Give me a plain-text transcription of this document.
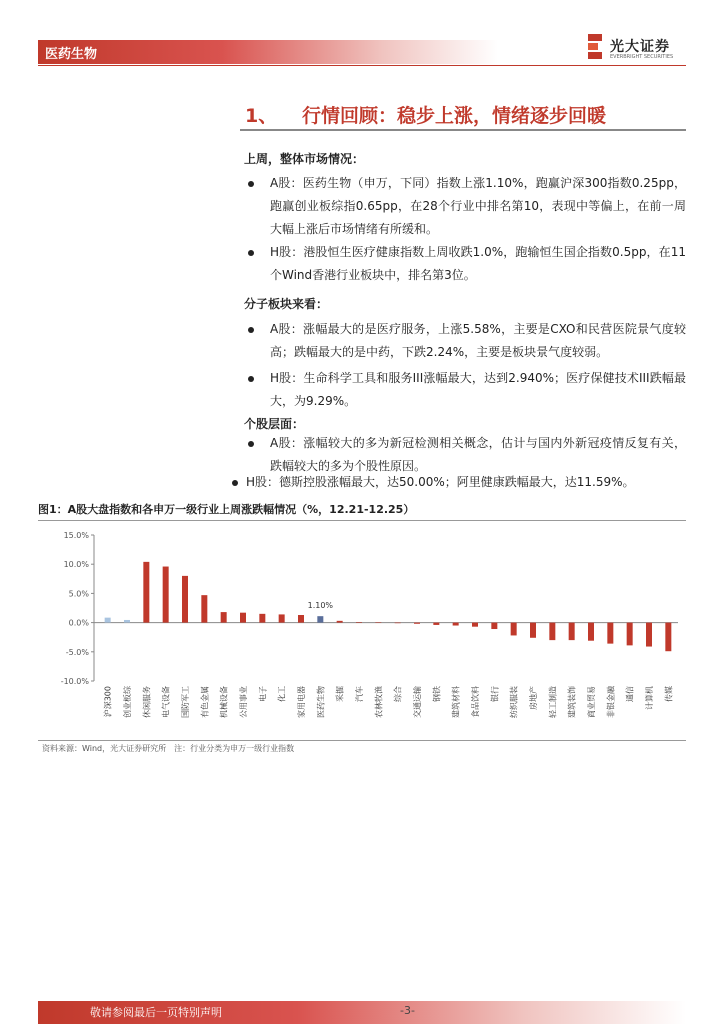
医药生物	光大证券
EVERBRIGHT SECURITIES
1、 行情回顾：稳步上涨，情绪逐步回暖
上周，整体市场情况：
A股：医药生物（申万，下同）指数上涨1.10%，跑赢沪深300指数0.25pp，跑赢创业板综指0.65pp，在28个行业中排名第10，表现中等偏上，在前一周大幅上涨后市场情绪有所缓和。
H股：港股恒生医疗健康指数上周收跌1.0%，跑输恒生国企指数0.5pp，在11个Wind香港行业板块中，排名第3位。
分子板块来看：
A股：涨幅最大的是医疗服务，上涨5.58%，主要是CXO和民营医院景气度较高；跌幅最大的是中药，下跌2.24%，主要是板块景气度较弱。
H股：生命科学工具和服务III涨幅最大，达到2.940%；医疗保健技术III跌幅最大，为9.29%。
个股层面：
A股：涨幅较大的多为新冠检测相关概念，估计与国内外新冠疫情反复有关，跌幅较大的多为个股性原因。
H股：德斯控股涨幅最大，达50.00%；阿里健康跌幅最大，达11.59%。
图1：A股大盘指数和各申万一级行业上周涨跌幅情况（%，12.21-12.25）
15.0%
10.0%
5.0%
0.0%
-5.0%
-10.0%
沪深300 创业板综 休闲服务 电气设备 国防军工 有色金属 机械设备 公用事业 电子 化工 家用电器 医药生物
1.10%
采掘 汽车 农林牧渔 综合 交通运输 钢铁 建筑材料 食品饮料 银行 纺织服装 房地产 轻工制造 建筑装饰 商业贸易 非银金融 通信 计算机 传媒
资料来源：Wind，光大证券研究所　注：行业分类为申万一级行业指数
敬请参阅最后一页特别声明	-3-
